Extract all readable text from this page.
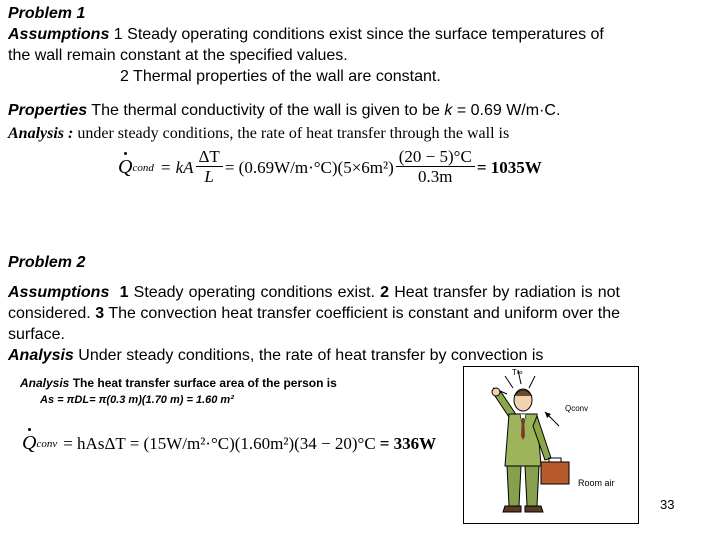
Problem 1
Assumptions 1 Steady operating conditions exist since the surface temperatures of
the wall remain constant at the specified values.
2 Thermal properties of the wall are constant.
Properties The thermal conductivity of the wall is given to be k = 0.69 W/m·C.
Analysis : under steady conditions, the rate of heat transfer through the wall is
Q cond = kA $\frac{\Delta T}{L} = (0.69W/m\cdot^\circ C)(5\times 6m^2) \frac{(20 - 5)^\circ C}{0.3m} = 1035W$
Problem 2
Assumptions 1 Steady operating conditions exist. 2 Heat transfer by radiation is not considered. 3 The convection heat transfer coefficient is constant and uniform over the surface.
Analysis Under steady conditions, the rate of heat transfer by convection is
Analysis The heat transfer surface area of the person is
As = πDL= π(0.3 m)(1.70 m) = 1.60 m²
Q conv = hAsΔT = (15W/m²·°C)(1.60m²)(34 − 20)°C = 336W
T∞
Qconv
Room air
33
